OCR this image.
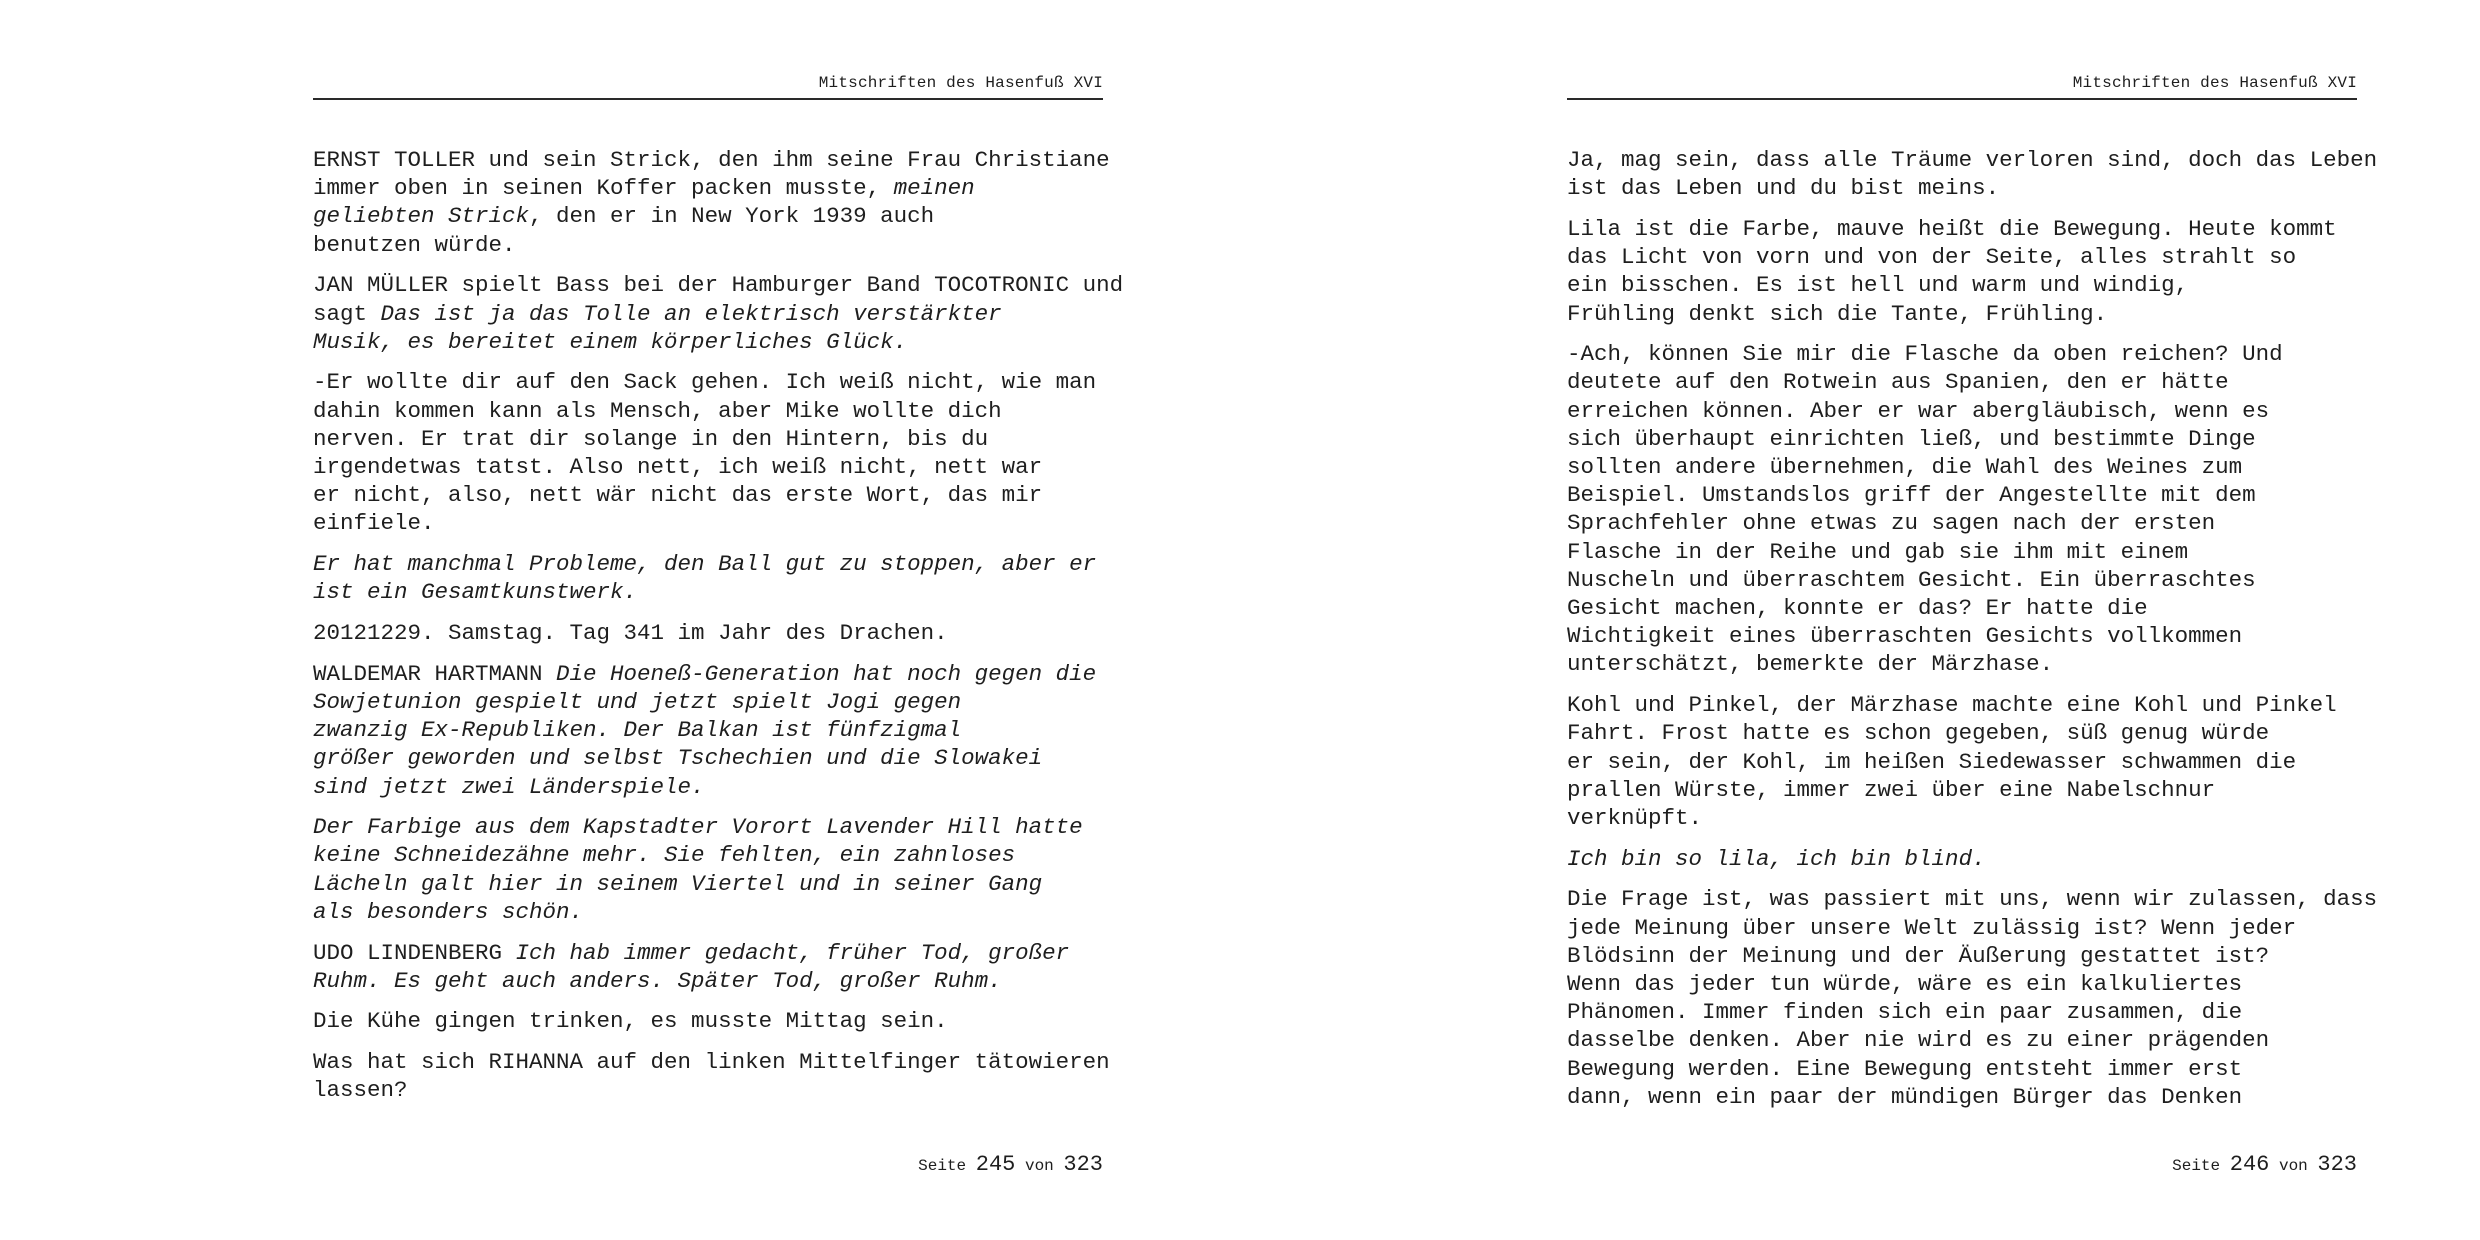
Mitschriften des Hasenfuß XVI
ERNST TOLLER und sein Strick, den ihm seine Frau Christiane
immer oben in seinen Koffer packen musste, meinen
geliebten Strick, den er in New York 1939 auch
benutzen würde.
JAN MÜLLER spielt Bass bei der Hamburger Band TOCOTRONIC und
sagt Das ist ja das Tolle an elektrisch verstärkter
Musik, es bereitet einem körperliches Glück.
-Er wollte dir auf den Sack gehen. Ich weiß nicht, wie man
dahin kommen kann als Mensch, aber Mike wollte dich
nerven. Er trat dir solange in den Hintern, bis du
irgendetwas tatst. Also nett, ich weiß nicht, nett war
er nicht, also, nett wär nicht das erste Wort, das mir
einfiele.
Er hat manchmal Probleme, den Ball gut zu stoppen, aber er
ist ein Gesamtkunstwerk.
20121229. Samstag. Tag 341 im Jahr des Drachen.
WALDEMAR HARTMANN Die Hoeneß-Generation hat noch gegen die
Sowjetunion gespielt und jetzt spielt Jogi gegen
zwanzig Ex-Republiken. Der Balkan ist fünfzigmal
größer geworden und selbst Tschechien und die Slowakei
sind jetzt zwei Länderspiele.
Der Farbige aus dem Kapstadter Vorort Lavender Hill hatte
keine Schneidezähne mehr. Sie fehlten, ein zahnloses
Lächeln galt hier in seinem Viertel und in seiner Gang
als besonders schön.
UDO LINDENBERG Ich hab immer gedacht, früher Tod, großer
Ruhm. Es geht auch anders. Später Tod, großer Ruhm.
Die Kühe gingen trinken, es musste Mittag sein.
Was hat sich RIHANNA auf den linken Mittelfinger tätowieren
lassen?
Seite 245 von 323
Mitschriften des Hasenfuß XVI
Ja, mag sein, dass alle Träume verloren sind, doch das Leben
ist das Leben und du bist meins.
Lila ist die Farbe, mauve heißt die Bewegung. Heute kommt
das Licht von vorn und von der Seite, alles strahlt so
ein bisschen. Es ist hell und warm und windig,
Frühling denkt sich die Tante, Frühling.
-Ach, können Sie mir die Flasche da oben reichen? Und
deutete auf den Rotwein aus Spanien, den er hätte
erreichen können. Aber er war abergläubisch, wenn es
sich überhaupt einrichten ließ, und bestimmte Dinge
sollten andere übernehmen, die Wahl des Weines zum
Beispiel. Umstandslos griff der Angestellte mit dem
Sprachfehler ohne etwas zu sagen nach der ersten
Flasche in der Reihe und gab sie ihm mit einem
Nuscheln und überraschtem Gesicht. Ein überraschtes
Gesicht machen, konnte er das? Er hatte die
Wichtigkeit eines überraschten Gesichts vollkommen
unterschätzt, bemerkte der Märzhase.
Kohl und Pinkel, der Märzhase machte eine Kohl und Pinkel
Fahrt. Frost hatte es schon gegeben, süß genug würde
er sein, der Kohl, im heißen Siedewasser schwammen die
prallen Würste, immer zwei über eine Nabelschnur
verknüpft.
Ich bin so lila, ich bin blind.
Die Frage ist, was passiert mit uns, wenn wir zulassen, dass
jede Meinung über unsere Welt zulässig ist? Wenn jeder
Blödsinn der Meinung und der Äußerung gestattet ist?
Wenn das jeder tun würde, wäre es ein kalkuliertes
Phänomen. Immer finden sich ein paar zusammen, die
dasselbe denken. Aber nie wird es zu einer prägenden
Bewegung werden. Eine Bewegung entsteht immer erst
dann, wenn ein paar der mündigen Bürger das Denken
Seite 246 von 323
